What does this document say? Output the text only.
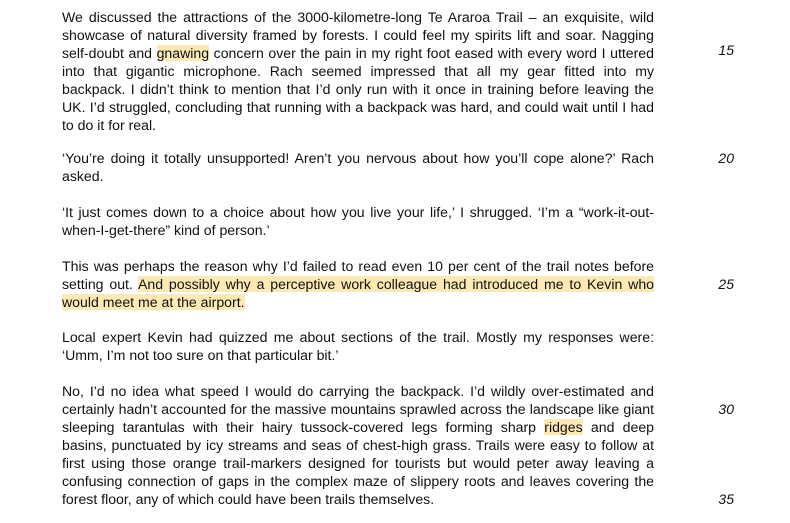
We discussed the attractions of the 3000-kilometre-long Te Araroa Trail – an exquisite, wild showcase of natural diversity framed by forests. I could feel my spirits lift and soar. Nagging self-doubt and gnawing concern over the pain in my right foot eased with every word I uttered into that gigantic microphone. Rach seemed impressed that all my gear fitted into my backpack. I didn’t think to mention that I’d only run with it once in training before leaving the UK. I’d struggled, concluding that running with a backpack was hard, and could wait until I had to do it for real.

‘You’re doing it totally unsupported! Aren’t you nervous about how you’ll cope alone?’ Rach asked.

‘It just comes down to a choice about how you live your life,’ I shrugged. ‘I’m a “work-it-out-when-I-get-there” kind of person.’

This was perhaps the reason why I’d failed to read even 10 per cent of the trail notes before setting out. And possibly why a perceptive work colleague had introduced me to Kevin who would meet me at the airport.

Local expert Kevin had quizzed me about sections of the trail. Mostly my responses were: ‘Umm, I’m not too sure on that particular bit.’

No, I’d no idea what speed I would do carrying the backpack. I’d wildly over-estimated and certainly hadn’t accounted for the massive mountains sprawled across the landscape like giant sleeping tarantulas with their hairy tussock-covered legs forming sharp ridges and deep basins, punctuated by icy streams and seas of chest-high grass. Trails were easy to follow at first using those orange trail-markers designed for tourists but would peter away leaving a confusing connection of gaps in the complex maze of slippery roots and leaves covering the forest floor, any of which could have been trails themselves.

15
20
25
30
35
